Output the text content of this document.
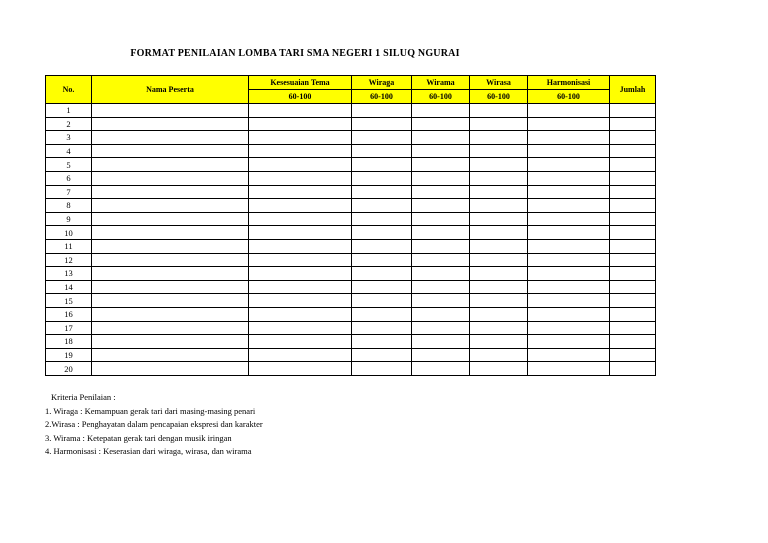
FORMAT PENILAIAN LOMBA TARI SMA NEGERI 1 SILUQ NGURAI
No.	Nama Peserta	Kesesuaian Tema	Wiraga	Wirama	Wirasa	Harmonisasi	Jumlah
		60-100	60-100	60-100	60-100	60-100	
1							
2							
3							
4							
5							
6							
7							
8							
9							
10							
11							
12							
13							
14							
15							
16							
17							
18							
19							
20							
Kriteria Penilaian :
1. Wiraga : Kemampuan gerak tari dari masing-masing penari
2.Wirasa : Penghayatan dalam pencapaian ekspresi dan karakter
3. Wirama : Ketepatan gerak tari dengan musik iringan
4. Harmonisasi : Keserasian dari wiraga, wirasa, dan wirama
